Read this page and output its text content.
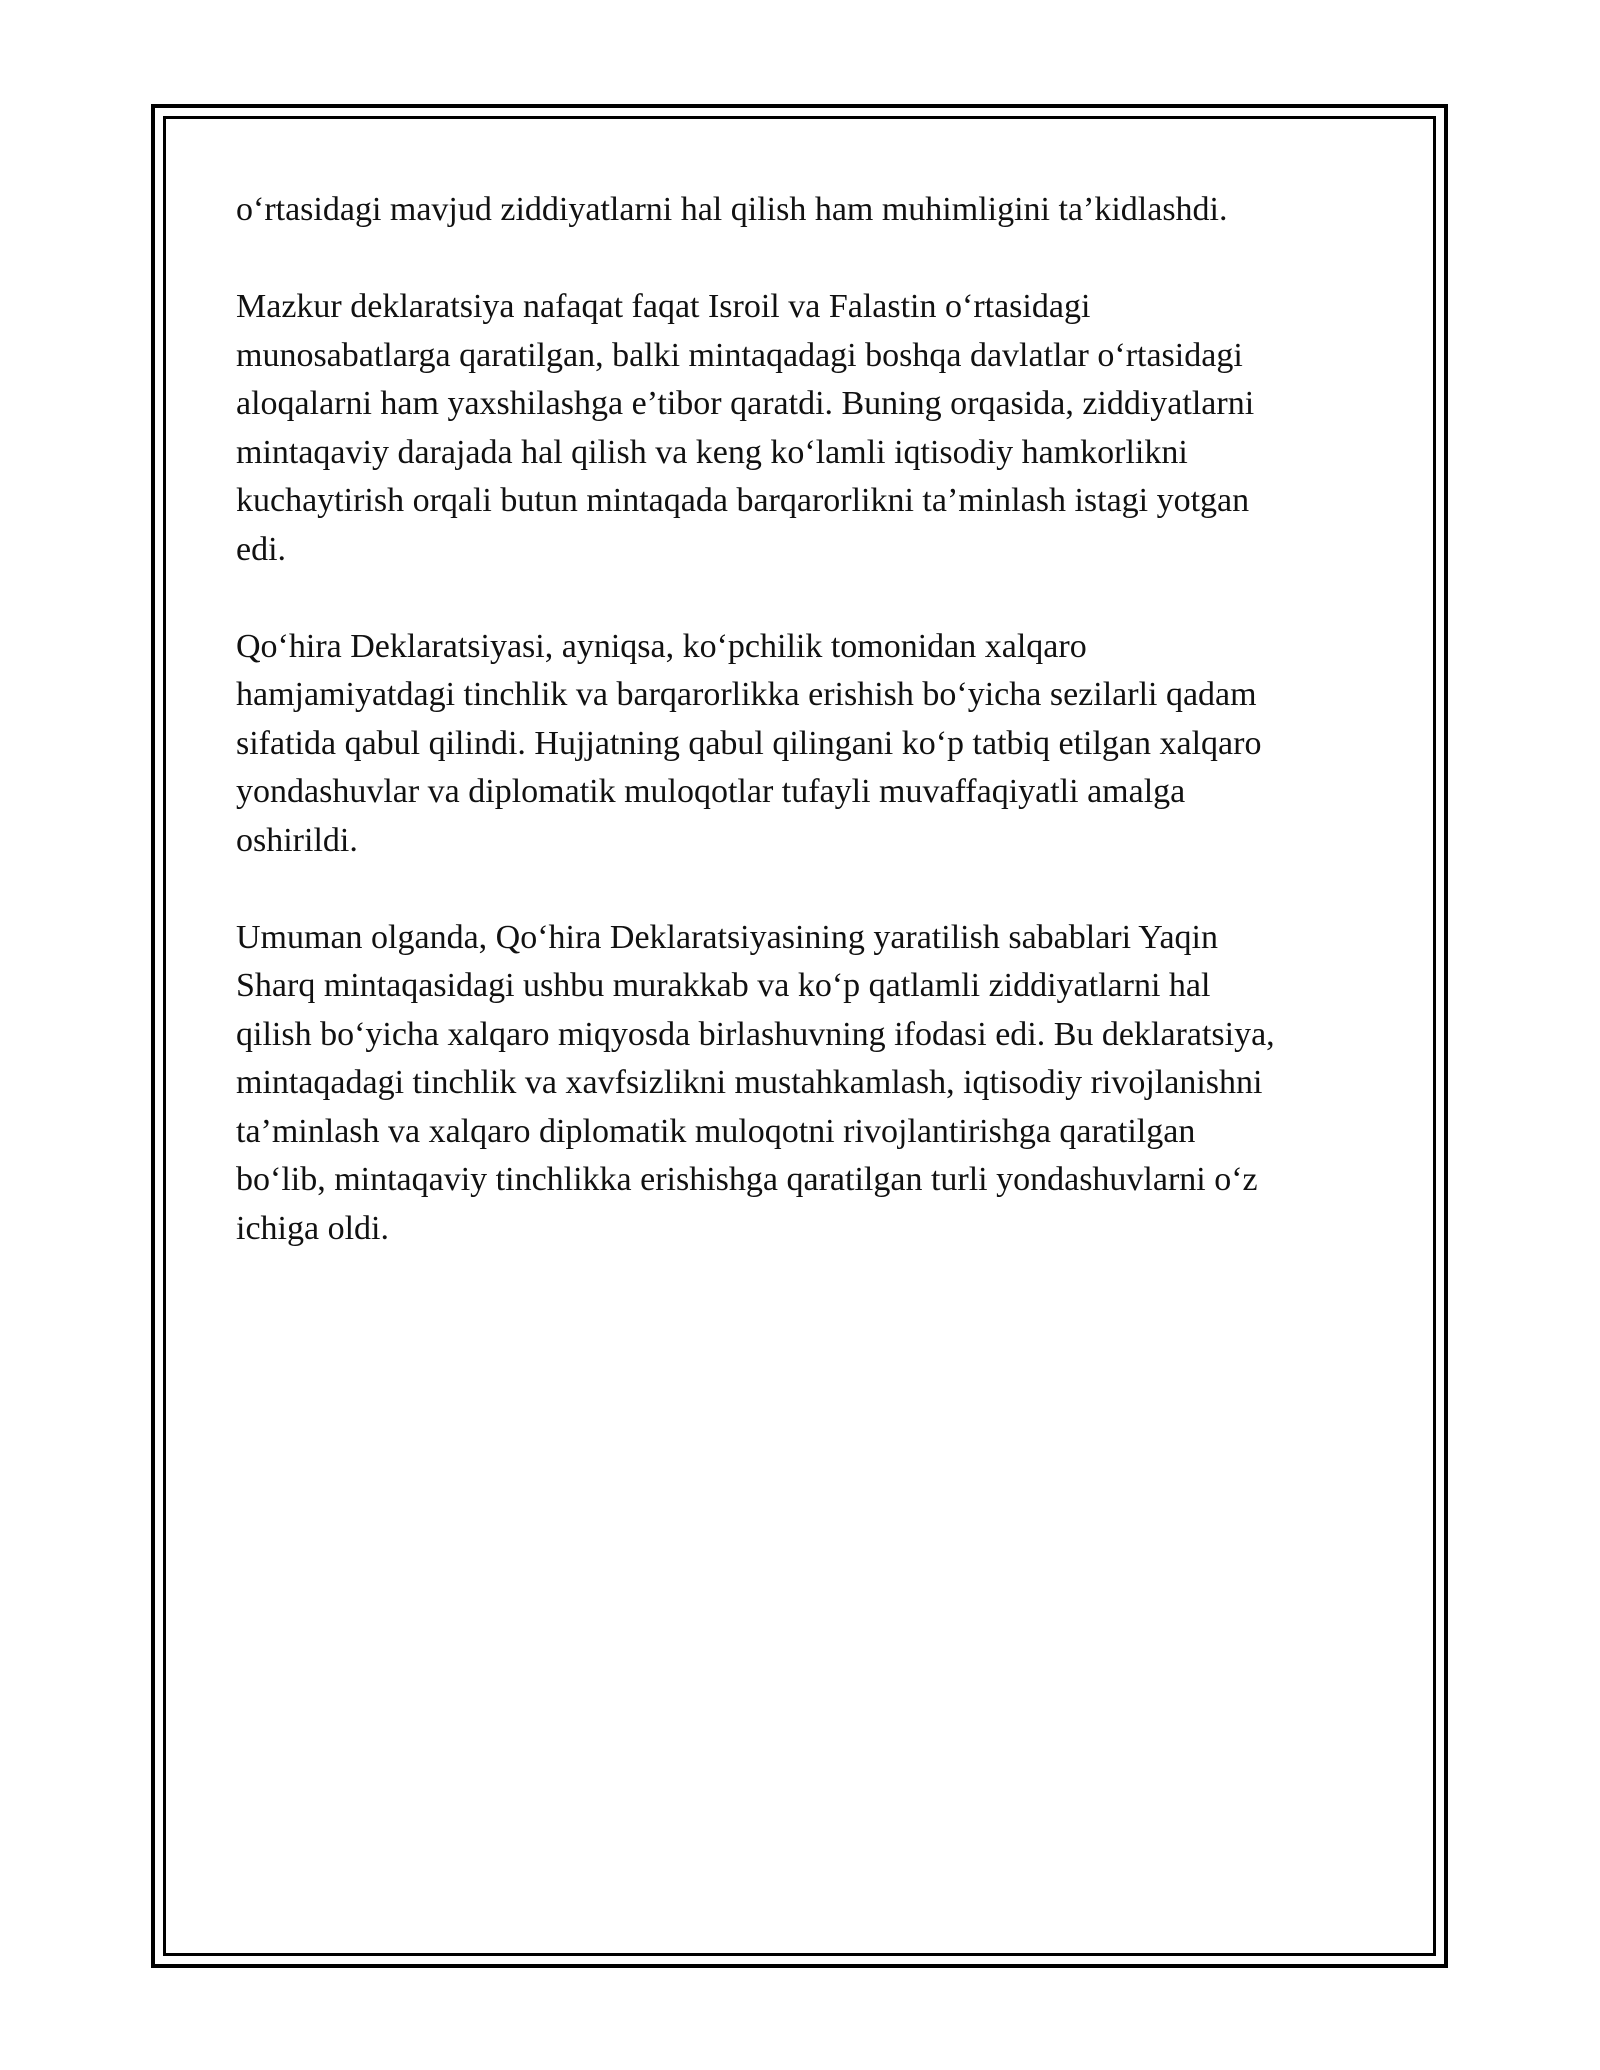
o‘rtasidagi mavjud ziddiyatlarni hal qilish ham muhimligini ta’kidlashdi.

Mazkur deklaratsiya nafaqat faqat Isroil va Falastin o‘rtasidagi
munosabatlarga qaratilgan, balki mintaqadagi boshqa davlatlar o‘rtasidagi
aloqalarni ham yaxshilashga e’tibor qaratdi. Buning orqasida, ziddiyatlarni
mintaqaviy darajada hal qilish va keng ko‘lamli iqtisodiy hamkorlikni
kuchaytirish orqali butun mintaqada barqarorlikni ta’minlash istagi yotgan
edi.

Qo‘hira Deklaratsiyasi, ayniqsa, ko‘pchilik tomonidan xalqaro
hamjamiyatdagi tinchlik va barqarorlikka erishish bo‘yicha sezilarli qadam
sifatida qabul qilindi. Hujjatning qabul qilingani ko‘p tatbiq etilgan xalqaro
yondashuvlar va diplomatik muloqotlar tufayli muvaffaqiyatli amalga
oshirildi.

Umuman olganda, Qo‘hira Deklaratsiyasining yaratilish sabablari Yaqin
Sharq mintaqasidagi ushbu murakkab va ko‘p qatlamli ziddiyatlarni hal
qilish bo‘yicha xalqaro miqyosda birlashuvning ifodasi edi. Bu deklaratsiya,
mintaqadagi tinchlik va xavfsizlikni mustahkamlash, iqtisodiy rivojlanishni
ta’minlash va xalqaro diplomatik muloqotni rivojlantirishga qaratilgan
bo‘lib, mintaqaviy tinchlikka erishishga qaratilgan turli yondashuvlarni o‘z
ichiga oldi.
